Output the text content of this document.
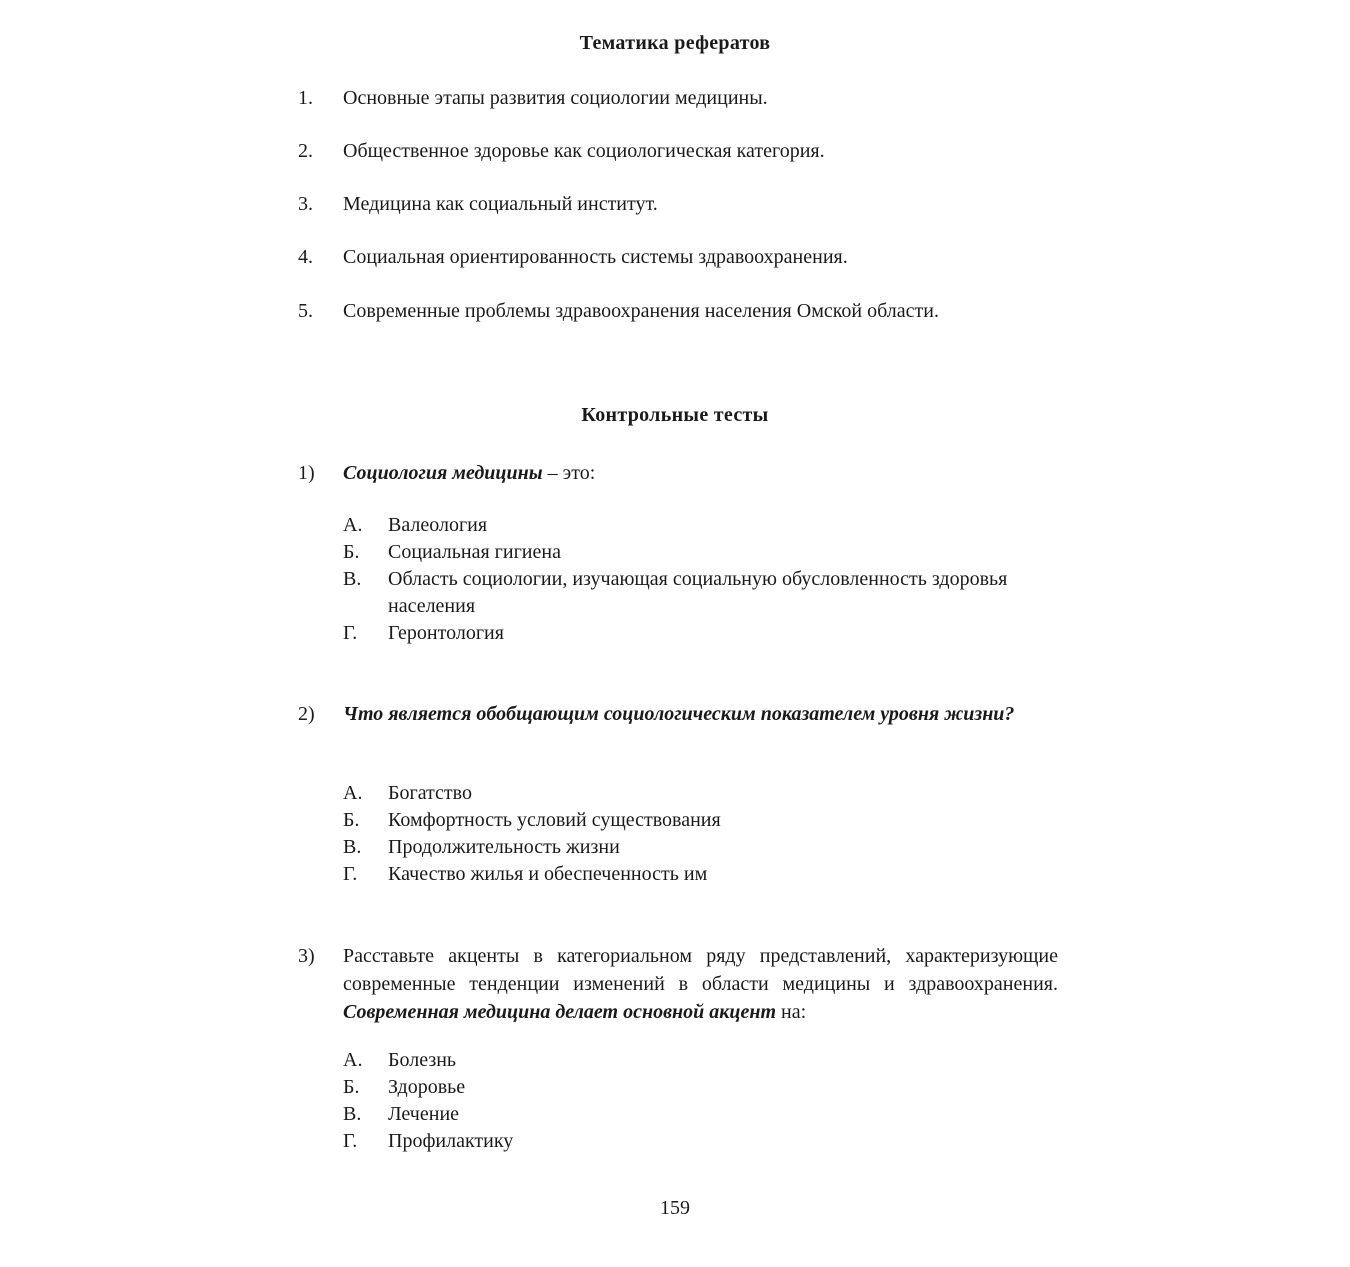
Тематика рефератов
1.	Основные этапы развития социологии медицины.
2.	Общественное здоровье как социологическая категория.
3.	Медицина как социальный институт.
4.	Социальная ориентированность системы здравоохранения.
5.	Современные проблемы здравоохранения населения Омской области.
Контрольные тесты
1)	Социология медицины – это:
А.	Валеология
Б.	Социальная гигиена
В.	Область социологии, изучающая социальную обусловленность здоровья населения
Г.	Геронтология
2)	Что является обобщающим социологическим показателем уровня жизни?
А.	Богатство
Б.	Комфортность условий существования
В.	Продолжительность жизни
Г.	Качество жилья и обеспеченность им
3)	Расставьте акценты в категориальном ряду представлений, характеризующие современные тенденции изменений в области медицины и здравоохранения. Современная медицина делает основной акцент на:
А.	Болезнь
Б.	Здоровье
В.	Лечение
Г.	Профилактику
159
